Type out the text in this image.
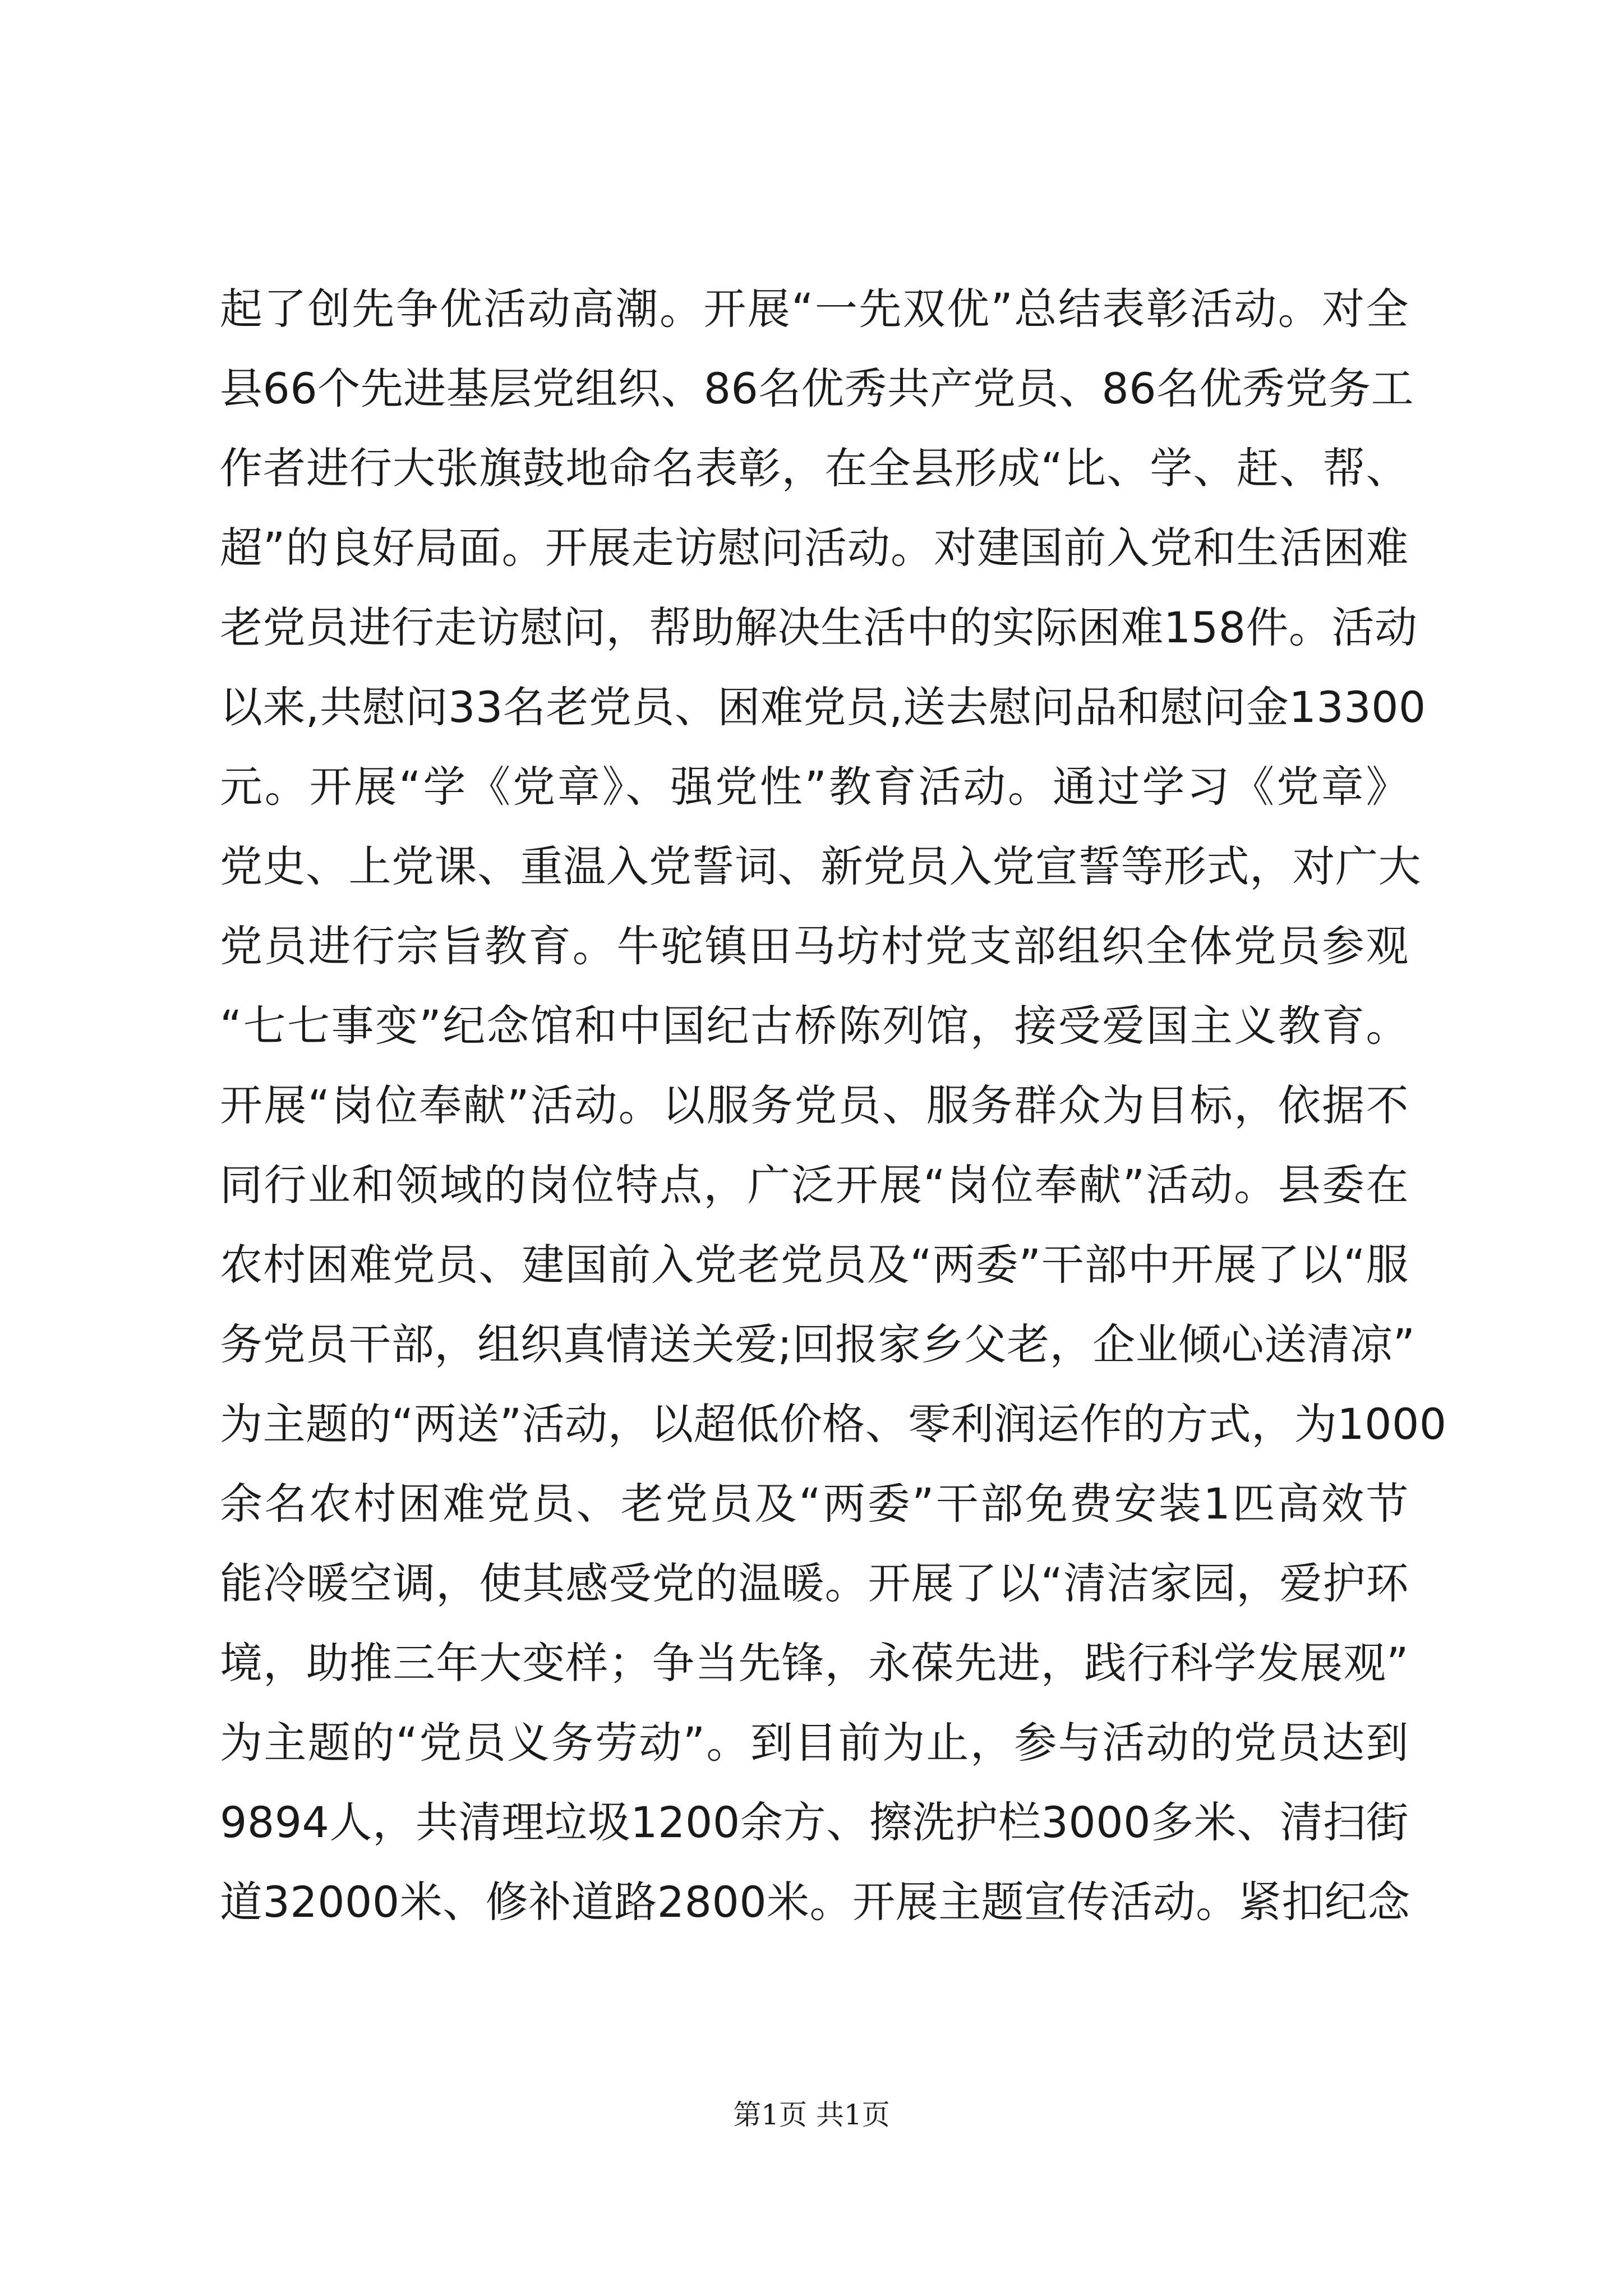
起了创先争优活动高潮。开展“一先双优”总结表彰活动。对全
县66个先进基层党组织、86名优秀共产党员、86名优秀党务工
作者进行大张旗鼓地命名表彰，在全县形成“比、学、赶、帮、
超”的良好局面。开展走访慰问活动。对建国前入党和生活困难
老党员进行走访慰问，帮助解决生活中的实际困难158件。活动
以来,共慰问33名老党员、困难党员,送去慰问品和慰问金13300
元。开展“学《党章》、强党性”教育活动。通过学习《党章》
党史、上党课、重温入党誓词、新党员入党宣誓等形式，对广大
党员进行宗旨教育。牛驼镇田马坊村党支部组织全体党员参观
“七七事变”纪念馆和中国纪古桥陈列馆，接受爱国主义教育。
开展“岗位奉献”活动。以服务党员、服务群众为目标，依据不
同行业和领域的岗位特点，广泛开展“岗位奉献”活动。县委在
农村困难党员、建国前入党老党员及“两委”干部中开展了以“服
务党员干部，组织真情送关爱;回报家乡父老，企业倾心送清凉”
为主题的“两送”活动，以超低价格、零利润运作的方式，为1000
余名农村困难党员、老党员及“两委”干部免费安装1匹高效节
能冷暖空调，使其感受党的温暖。开展了以“清洁家园，爱护环
境，助推三年大变样；争当先锋，永葆先进，践行科学发展观”
为主题的“党员义务劳动”。到目前为止，参与活动的党员达到
9894人，共清理垃圾1200余方、擦洗护栏3000多米、清扫街
道32000米、修补道路2800米。开展主题宣传活动。紧扣纪念
第1页 共1页
